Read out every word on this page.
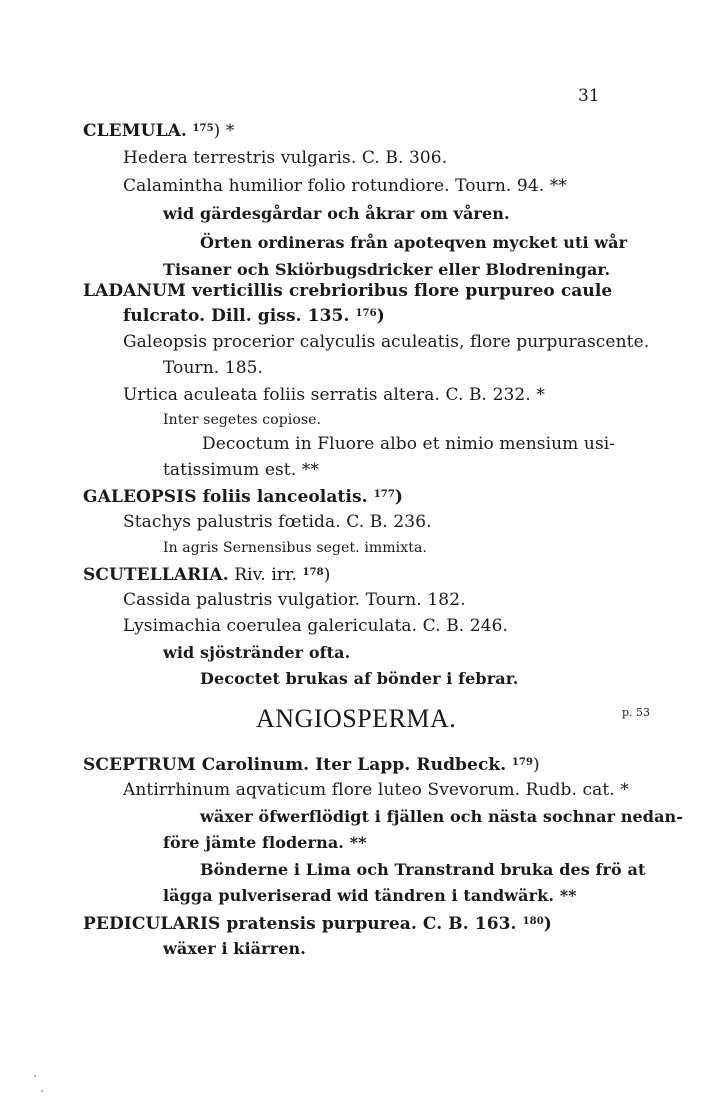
31
CLEMULA. $^{175}$) *
Hedera terrestris vulgaris. C. B. 306.
Calamintha humilior folio rotundiore. Tourn. 94. **
wid gärdesgårdar och åkrar om våren.
Örten ordineras från apoteqven mycket uti wår
Tisaner och Skiörbugsdricker eller Blodreningar.
LADANUM verticillis crebrioribus flore purpureo caule
fulcrato. Dill. giss. 135. $^{176}$)
Galeopsis procerior calyculis aculeatis, flore purpurascente.
Tourn. 185.
Urtica aculeata foliis serratis altera. C. B. 232. *
Inter segetes copiose.
Decoctum in Fluore albo et nimio mensium usi-
tatissimum est. **
GALEOPSIS foliis lanceolatis. $^{177}$)
Stachys palustris fœtida. C. B. 236.
In agris Sernensibus seget. immixta.
SCUTELLARIA. Riv. irr. $^{178}$)
Cassida palustris vulgatior. Tourn. 182.
Lysimachia coerulea galericulata. C. B. 246.
wid sjöstränder ofta.
Decoctet brukas af bönder i febrar.
p. 53
ANGIOSPERMA.
SCEPTRUM Carolinum. Iter Lapp. Rudbeck. $^{179}$)
Antirrhinum aqvaticum flore luteo Svevorum. Rudb. cat. *
wäxer öfwerflödigt i fjällen och nästa sochnar nedan-
före jämte floderna. **
Bönderne i Lima och Transtrand bruka des frö at
lägga pulveriserad wid tändren i tandwärk. **
PEDICULARIS pratensis purpurea. C. B. 163. $^{180}$)
wäxer i kiärren.
